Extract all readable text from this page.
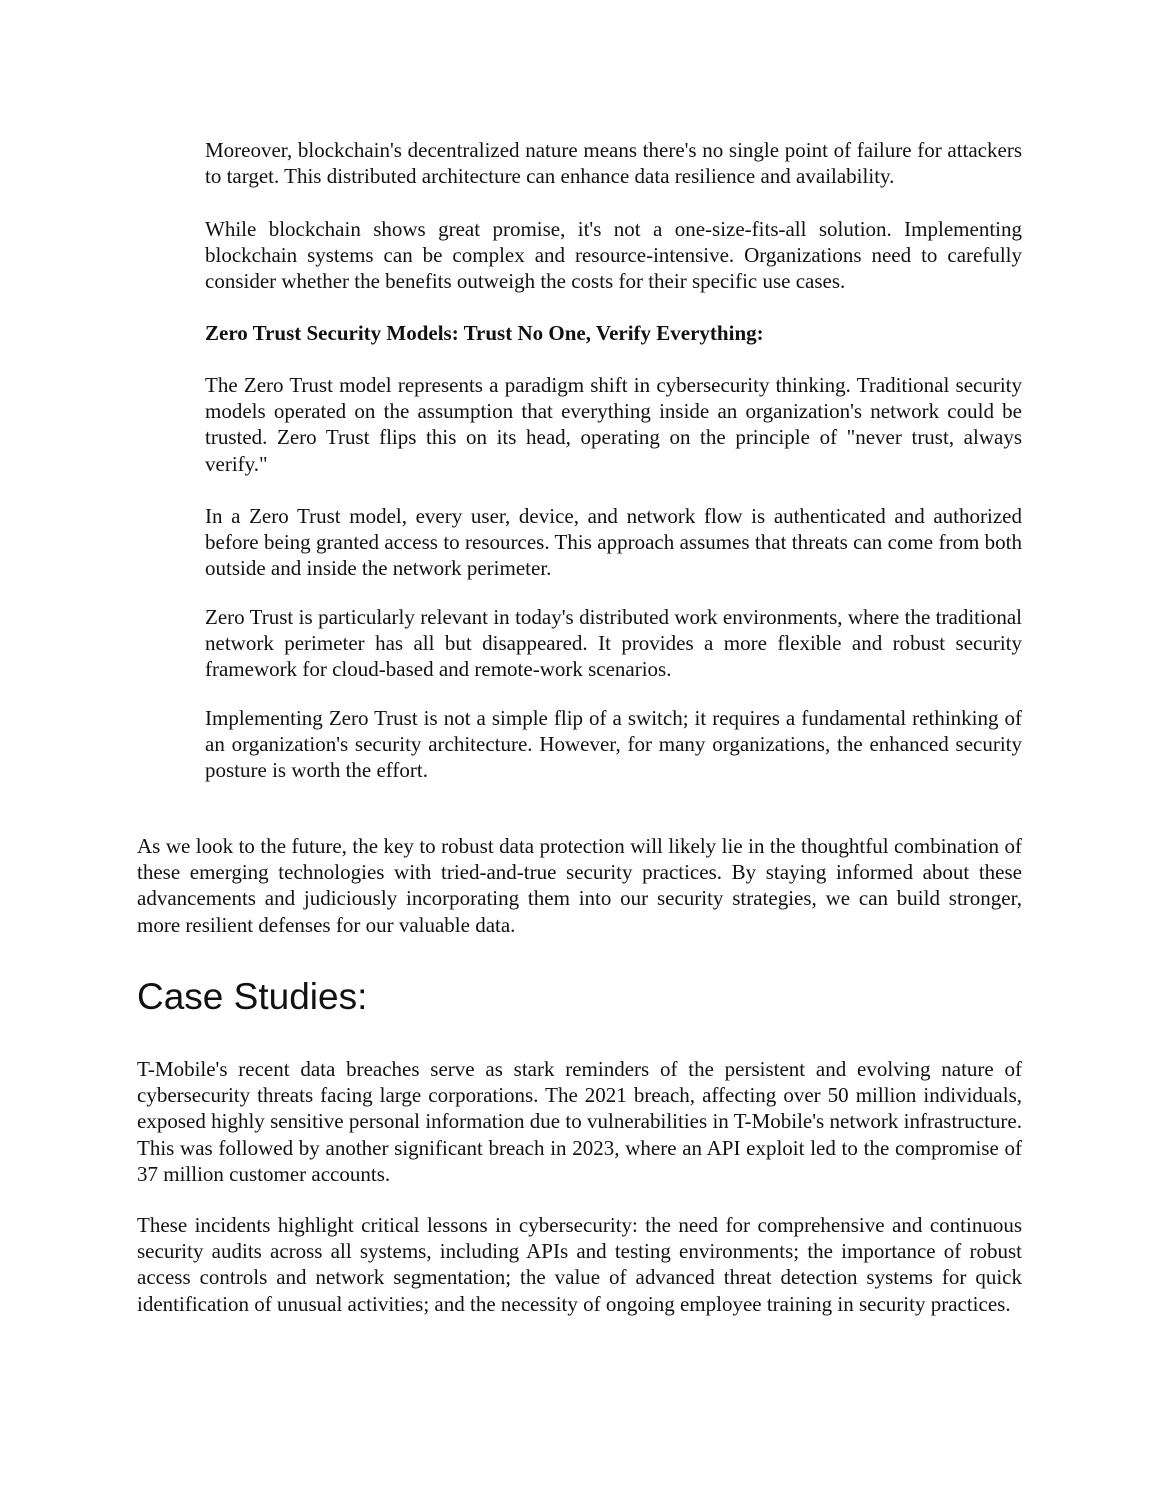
Moreover, blockchain's decentralized nature means there's no single point of failure for attackers to target. This distributed architecture can enhance data resilience and availability.

While blockchain shows great promise, it's not a one-size-fits-all solution. Implementing blockchain systems can be complex and resource-intensive. Organizations need to carefully consider whether the benefits outweigh the costs for their specific use cases.

Zero Trust Security Models: Trust No One, Verify Everything:

The Zero Trust model represents a paradigm shift in cybersecurity thinking. Traditional security models operated on the assumption that everything inside an organization's network could be trusted. Zero Trust flips this on its head, operating on the principle of "never trust, always verify."

In a Zero Trust model, every user, device, and network flow is authenticated and authorized before being granted access to resources. This approach assumes that threats can come from both outside and inside the network perimeter.

Zero Trust is particularly relevant in today's distributed work environments, where the traditional network perimeter has all but disappeared. It provides a more flexible and robust security framework for cloud-based and remote-work scenarios.

Implementing Zero Trust is not a simple flip of a switch; it requires a fundamental rethinking of an organization's security architecture. However, for many organizations, the enhanced security posture is worth the effort.

As we look to the future, the key to robust data protection will likely lie in the thoughtful combination of these emerging technologies with tried-and-true security practices. By staying informed about these advancements and judiciously incorporating them into our security strategies, we can build stronger, more resilient defenses for our valuable data.

Case Studies:

T-Mobile's recent data breaches serve as stark reminders of the persistent and evolving nature of cybersecurity threats facing large corporations. The 2021 breach, affecting over 50 million individuals, exposed highly sensitive personal information due to vulnerabilities in T-Mobile's network infrastructure. This was followed by another significant breach in 2023, where an API exploit led to the compromise of 37 million customer accounts.

These incidents highlight critical lessons in cybersecurity: the need for comprehensive and continuous security audits across all systems, including APIs and testing environments; the importance of robust access controls and network segmentation; the value of advanced threat detection systems for quick identification of unusual activities; and the necessity of ongoing employee training in security practices.
